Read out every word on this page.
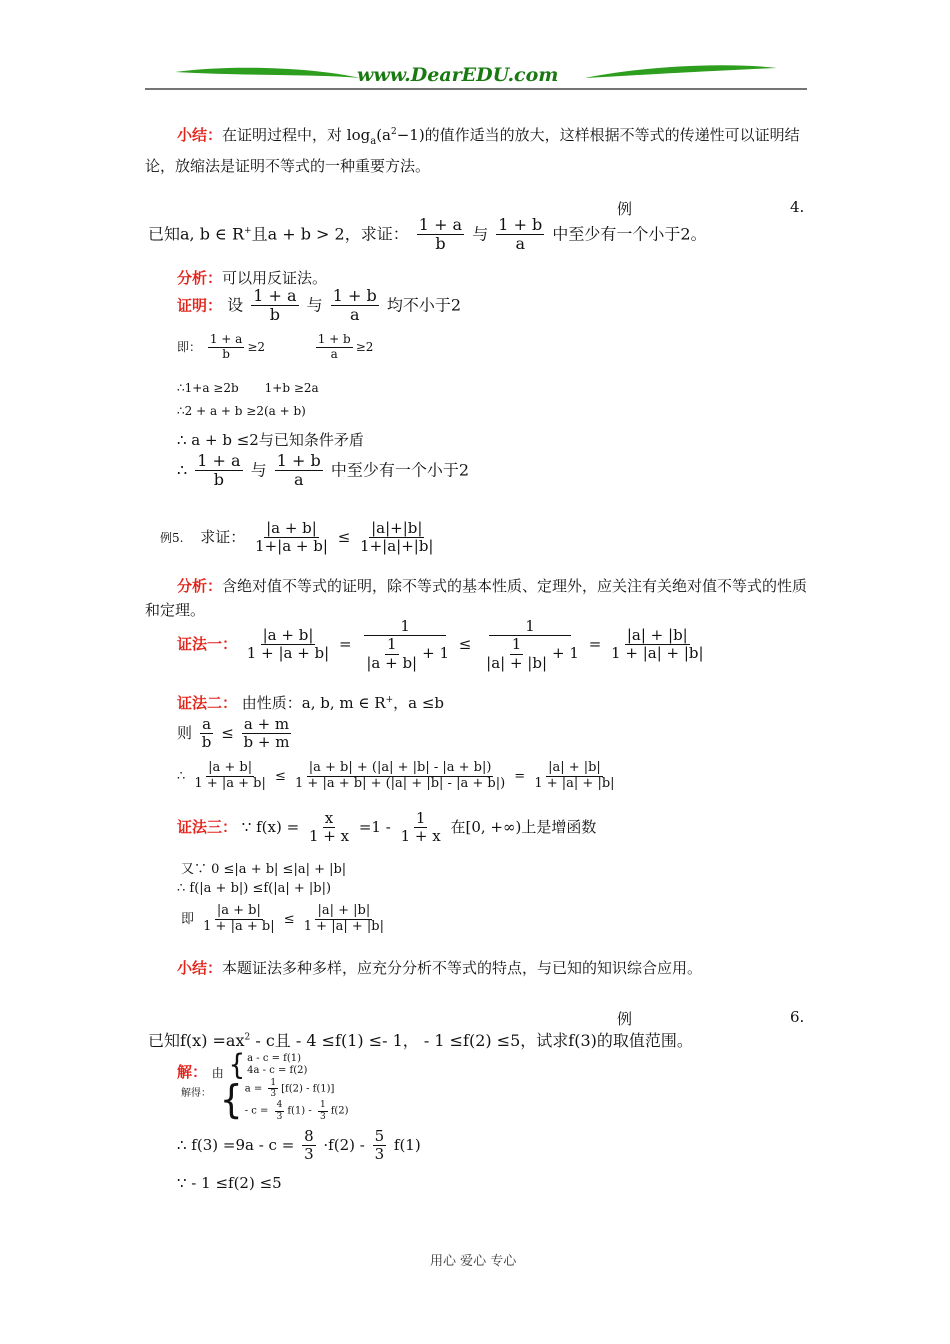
www.DearEDU.com
小结：在证明过程中，对 $\log_a(a^2-1)$的值作适当的放大，这样根据不等式的传递性可以证明结论，放缩法是证明不等式的一种重要方法。
例	4.
已知a, b ∈ R+且a + b > 2，求证： $\frac{1 + a}{b}$ 与 $\frac{1 + b}{a}$ 中至少有一个小于2。
分析：可以用反证法。
证明： 设 $\frac{1 + a}{b}$ 与 $\frac{1 + b}{a}$ 均不小于2
即： $\frac{1 + a}{b} \ge 2$	$\frac{1 + b}{a} \ge 2$
∴1+a ≥2b 1+b ≥2a
∴2 + a + b ≥2(a + b)
∴ a + b ≤2与已知条件矛盾
∴ $\frac{1 + a}{b}$ 与 $\frac{1 + b}{a}$ 中至少有一个小于2
例5. 求证： $\frac{|a + b|}{1+|a + b|} \le \frac{|a|+|b|}{1+|a|+|b|}$
分析：含绝对值不等式的证明，除不等式的基本性质、定理外，应关注有关绝对值不等式的性质和定理。
证法一： $\frac{|a + b|}{1 + |a + b|} = \frac{1}{\frac{1}{|a + b|} + 1} \le \frac{1}{\frac{1}{|a| + |b|} + 1} = \frac{|a| + |b|}{1 + |a| + |b|}$
证法二： 由性质：a, b, m ∈ R+，a ≤b
则 $\frac{a}{b} \le \frac{a + m}{b + m}$
∴ $\frac{|a + b|}{1 + |a + b|} \le \frac{|a + b| + (|a| + |b| - |a + b|)}{1 + |a + b| + (|a| + |b| - |a + b|)} = \frac{|a| + |b|}{1 + |a| + |b|}$
证法三： ∵ $f(x) = \frac{x}{1 + x} =1 - \frac{1}{1 + x}$ 在[0, +∞)上是增函数
又∵ 0 ≤|a + b| ≤|a| + |b|
∴ f(|a + b|) ≤f(|a| + |b|)
即 $\frac{|a + b|}{1 + |a + b|} \le \frac{|a| + |b|}{1 + |a| + |b|}$
小结：本题证法多种多样，应充分分析不等式的特点，与已知的知识综合应用。
例	6.
已知$f(x) =ax^2 - c$且 - 4 ≤f(1) ≤- 1， - 1 ≤f(2) ≤5，试求f(3)的取值范围。
解： $_由$ { a - c = f(1)
4a - c = f(2)
$^{解得:}$ { $a = \frac{1}{3} [f(2) - f(1)]$
- $c = \frac{4}{3} f(1) - \frac{1}{3} f(2)$
∴ $f(3) =9a - c = \frac{8}{3} \cdot f(2) - \frac{5}{3} f(1)$
∵ - 1 ≤f(2) ≤5
用心 爱心 专心
